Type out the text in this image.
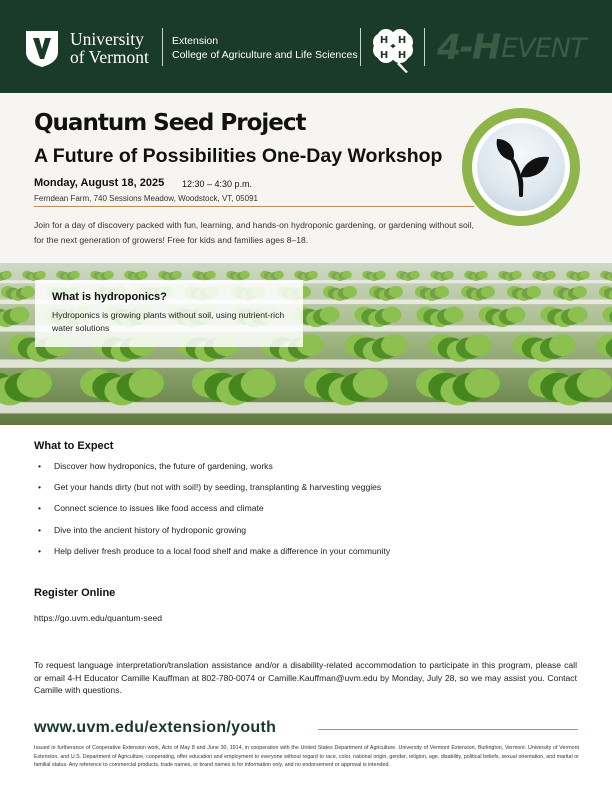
University
of Vermont
Extension
College of Agriculture and Life Sciences
H H
H H 4-H EVENT
Quantum Seed Project
A Future of Possibilities One-Day Workshop
Monday, August 18, 2025 12:30 – 4:30 p.m.
Ferndean Farm, 740 Sessions Meadow, Woodstock, VT, 05091
Join for a day of discovery packed with fun, learning, and hands-on hydroponic gardening, or gardening without soil, for the next generation of growers! Free for kids and families ages 8–18.
What is hydroponics?
Hydroponics is growing plants without soil, using nutrient-rich water solutions
What to Expect
• Discover how hydroponics, the future of gardening, works
• Get your hands dirty (but not with soil!) by seeding, transplanting & harvesting veggies
• Connect science to issues like food access and climate
• Dive into the ancient history of hydroponic growing
• Help deliver fresh produce to a local food shelf and make a difference in your community
Register Online
https://go.uvm.edu/quantum-seed
To request language interpretation/translation assistance and/or a disability-related accommodation to participate in this program, please call or email 4-H Educator Camille Kauffman at 802-780-0074 or Camille.Kauffman@uvm.edu by Monday, July 28, so we may assist you. Contact Camille with questions.
www.uvm.edu/extension/youth
Issued in furtherance of Cooperative Extension work, Acts of May 8 and June 30, 1914, in cooperation with the United States Department of Agriculture. University of Vermont Extension, Burlington, Vermont. University of Vermont Extension, and U.S. Department of Agriculture, cooperating, offer education and employment to everyone without regard to race, color, national origin, gender, religion, age, disability, political beliefs, sexual orientation, and marital or familial status. Any reference to commercial products, trade names, or brand names is for information only, and no endorsement or approval is intended.
